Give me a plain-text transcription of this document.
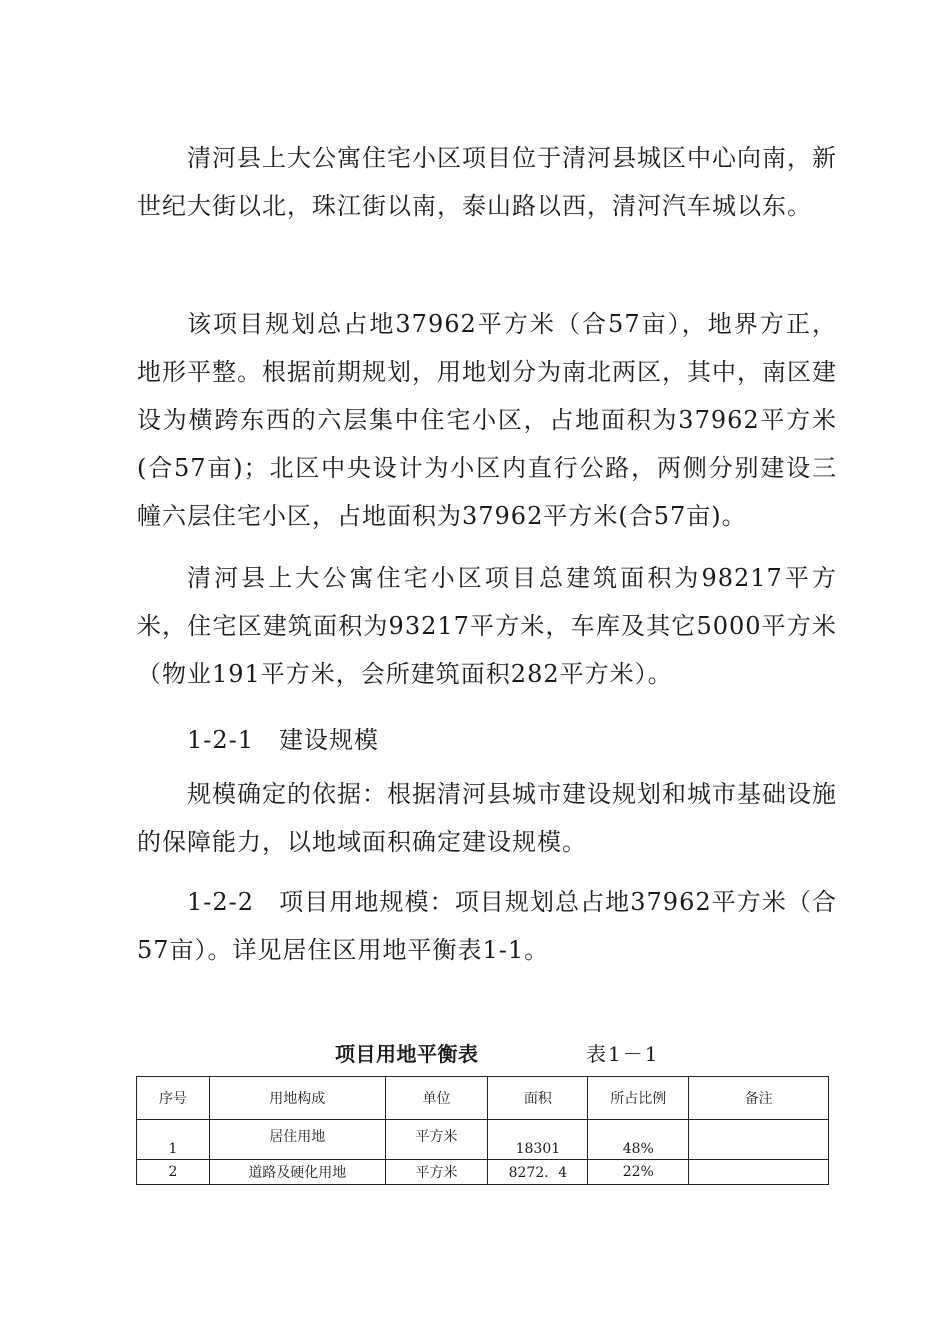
清河县上大公寓住宅小区项目位于清河县城区中心向南，新世纪大街以北，珠江街以南，泰山路以西，清河汽车城以东。

该项目规划总占地37962平方米（合57亩），地界方正，地形平整。根据前期规划，用地划分为南北两区，其中，南区建设为横跨东西的六层集中住宅小区，占地面积为37962平方米(合57亩)；北区中央设计为小区内直行公路，两侧分别建设三幢六层住宅小区，占地面积为37962平方米(合57亩)。

清河县上大公寓住宅小区项目总建筑面积为98217平方米，住宅区建筑面积为93217平方米，车库及其它5000平方米（物业191平方米，会所建筑面积282平方米）。

1-2-1　建设规模

规模确定的依据：根据清河县城市建设规划和城市基础设施的保障能力，以地域面积确定建设规模。

1-2-2　项目用地规模：项目规划总占地37962平方米（合57亩）。详见居住区用地平衡表1-1。

项目用地平衡表	表1－1
序号	用地构成	单位	面积	所占比例	备注
1	居住用地	平方米	18301	48%	
2	道路及硬化用地	平方米	8272．4	22%	
